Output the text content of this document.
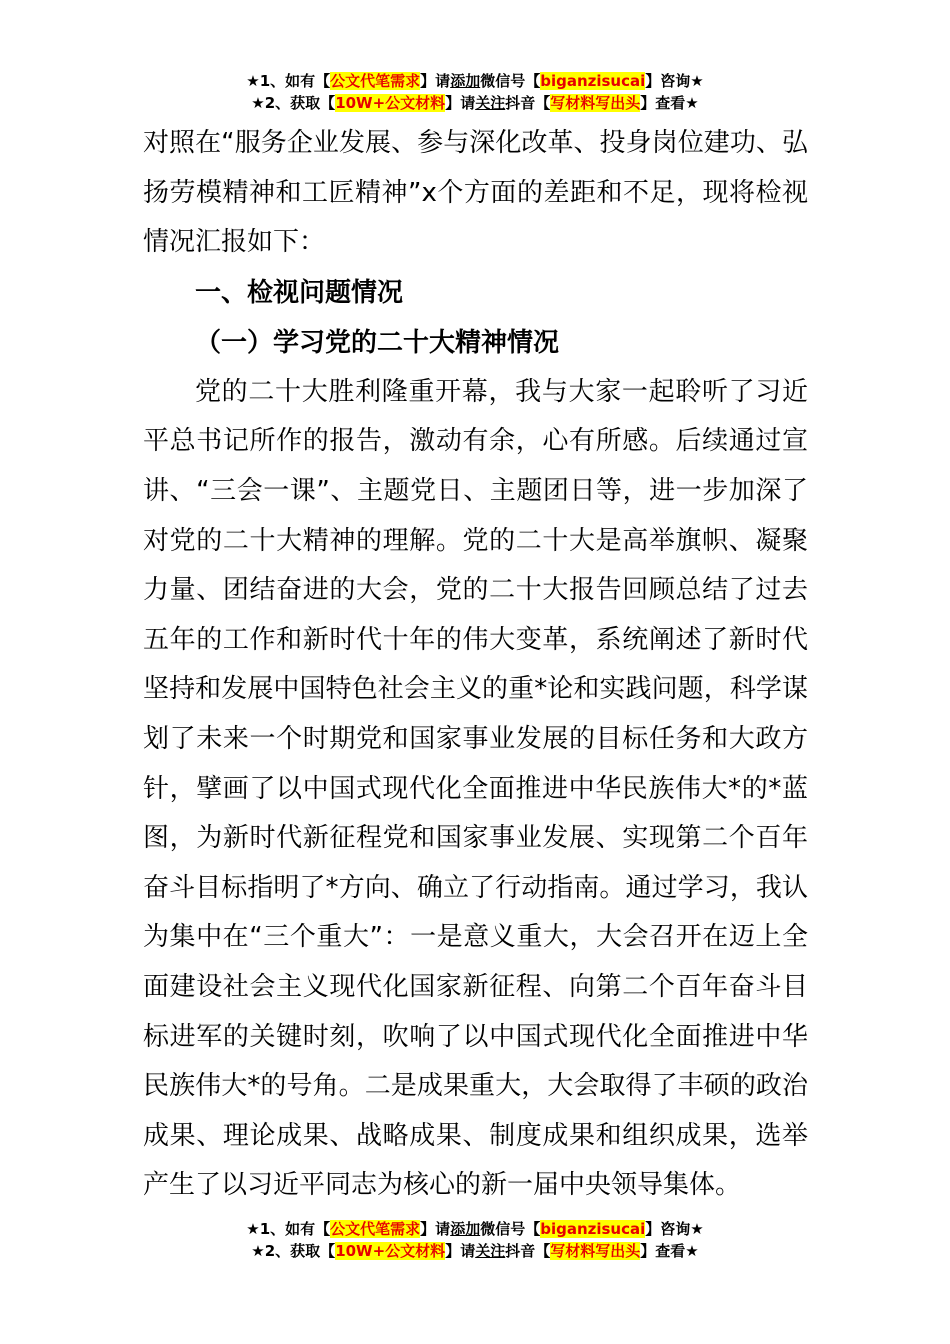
★1、如有【公文代笔需求】请添加微信号【biganzisucai】咨询★
★2、获取【10W+公文材料】请关注抖音【写材料写出头】查看★

对照在“服务企业发展、参与深化改革、投身岗位建功、弘扬劳模精神和工匠精神”x个方面的差距和不足，现将检视情况汇报如下：

一、检视问题情况

（一）学习党的二十大精神情况

党的二十大胜利隆重开幕，我与大家一起聆听了习近平总书记所作的报告，激动有余，心有所感。后续通过宣讲、“三会一课”、主题党日、主题团日等，进一步加深了对党的二十大精神的理解。党的二十大是高举旗帜、凝聚力量、团结奋进的大会，党的二十大报告回顾总结了过去五年的工作和新时代十年的伟大变革，系统阐述了新时代坚持和发展中国特色社会主义的重*论和实践问题，科学谋划了未来一个时期党和国家事业发展的目标任务和大政方针，擘画了以中国式现代化全面推进中华民族伟大*的*蓝图，为新时代新征程党和国家事业发展、实现第二个百年奋斗目标指明了*方向、确立了行动指南。通过学习，我认为集中在“三个重大”：一是意义重大，大会召开在迈上全面建设社会主义现代化国家新征程、向第二个百年奋斗目标进军的关键时刻，吹响了以中国式现代化全面推进中华民族伟大*的号角。二是成果重大，大会取得了丰硕的政治成果、理论成果、战略成果、制度成果和组织成果，选举产生了以习近平同志为核心的新一届中央领导集体。

★1、如有【公文代笔需求】请添加微信号【biganzisucai】咨询★
★2、获取【10W+公文材料】请关注抖音【写材料写出头】查看★
